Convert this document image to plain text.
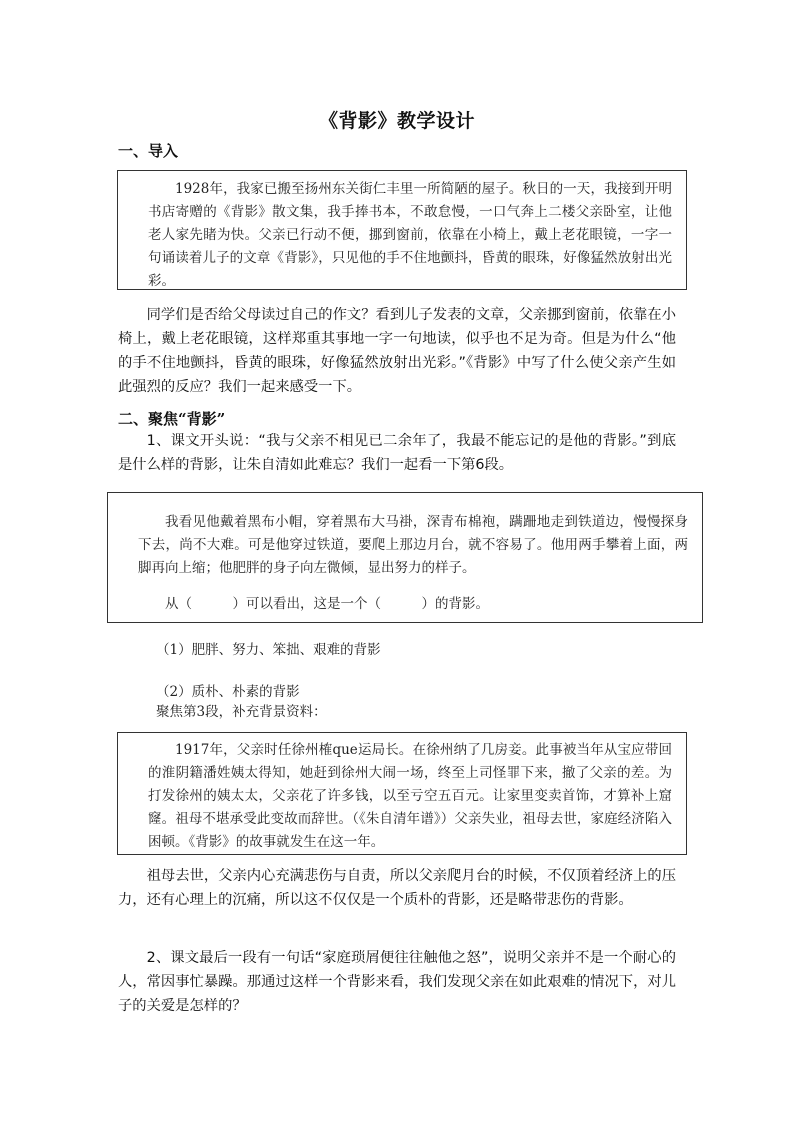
《背影》教学设计
一、导入
1928年，我家已搬至扬州东关街仁丰里一所简陋的屋子。秋日的一天，我接到开明书店寄赠的《背影》散文集，我手捧书本，不敢怠慢，一口气奔上二楼父亲卧室，让他老人家先睹为快。父亲已行动不便，挪到窗前，依靠在小椅上，戴上老花眼镜，一字一句诵读着儿子的文章《背影》，只见他的手不住地颤抖，昏黄的眼珠，好像猛然放射出光彩。
同学们是否给父母读过自己的作文？看到儿子发表的文章，父亲挪到窗前，依靠在小椅上，戴上老花眼镜，这样郑重其事地一字一句地读，似乎也不足为奇。但是为什么“他的手不住地颤抖，昏黄的眼珠，好像猛然放射出光彩。”《背影》中写了什么使父亲产生如此强烈的反应？我们一起来感受一下。
二、聚焦“背影”
1、课文开头说：“我与父亲不相见已二余年了，我最不能忘记的是他的背影。”到底是什么样的背影，让朱自清如此难忘？我们一起看一下第6段。
我看见他戴着黑布小帽，穿着黑布大马褂，深青布棉袍，蹒跚地走到铁道边，慢慢探身下去，尚不大难。可是他穿过铁道，要爬上那边月台，就不容易了。他用两手攀着上面，两脚再向上缩；他肥胖的身子向左微倾，显出努力的样子。
从（　　　）可以看出，这是一个（　　　）的背影。
（1）肥胖、努力、笨拙、艰难的背影
（2）质朴、朴素的背影
聚焦第3段，补充背景资料：
1917年，父亲时任徐州榷que运局长。在徐州纳了几房妾。此事被当年从宝应带回的淮阴籍潘姓姨太得知，她赶到徐州大闹一场，终至上司怪罪下来，撤了父亲的差。为打发徐州的姨太太，父亲花了许多钱，以至亏空五百元。让家里变卖首饰，才算补上窟窿。祖母不堪承受此变故而辞世。（《朱自清年谱》）父亲失业，祖母去世，家庭经济陷入困顿。《背影》的故事就发生在这一年。
祖母去世，父亲内心充满悲伤与自责，所以父亲爬月台的时候，不仅顶着经济上的压力，还有心理上的沉痛，所以这不仅仅是一个质朴的背影，还是略带悲伤的背影。
2、课文最后一段有一句话“家庭琐屑便往往触他之怒”，说明父亲并不是一个耐心的人，常因事忙暴躁。那通过这样一个背影来看，我们发现父亲在如此艰难的情况下，对儿子的关爱是怎样的？
